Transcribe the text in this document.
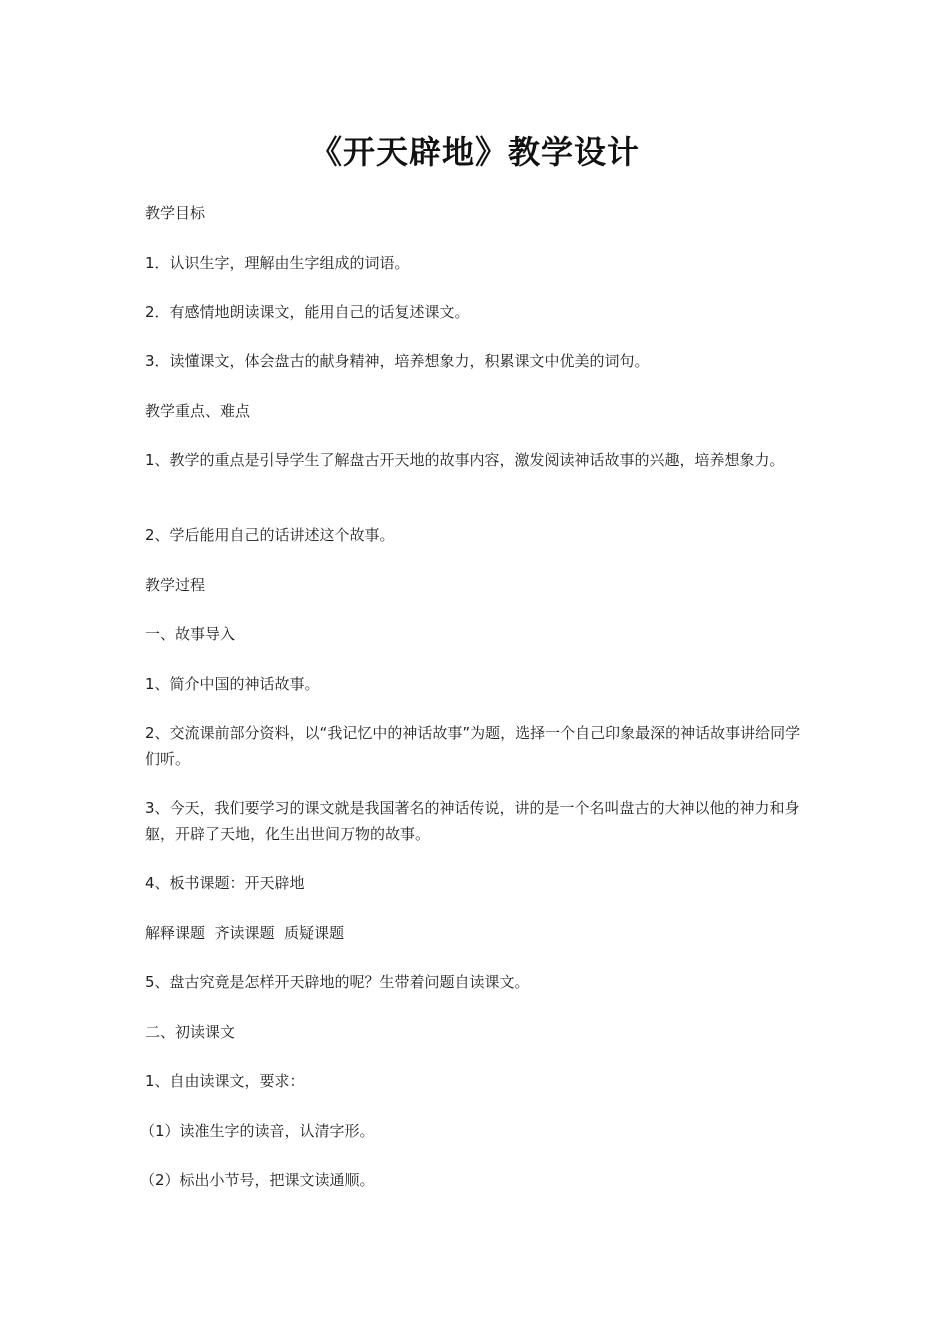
《开天辟地》教学设计
教学目标
1．认识生字，理解由生字组成的词语。
2．有感情地朗读课文，能用自己的话复述课文。
3．读懂课文，体会盘古的献身精神，培养想象力，积累课文中优美的词句。
教学重点、难点
1、教学的重点是引导学生了解盘古开天地的故事内容，激发阅读神话故事的兴趣，培养想象力。
2、学后能用自己的话讲述这个故事。
教学过程
一、故事导入
1、简介中国的神话故事。
2、交流课前部分资料，以“我记忆中的神话故事”为题，选择一个自己印象最深的神话故事讲给同学们听。
3、今天，我们要学习的课文就是我国著名的神话传说，讲的是一个名叫盘古的大神以他的神力和身躯，开辟了天地，化生出世间万物的故事。
4、板书课题：开天辟地
解释课题  齐读课题  质疑课题
5、盘古究竟是怎样开天辟地的呢？生带着问题自读课文。
二、初读课文
1、自由读课文，要求：
（1）读准生字的读音，认清字形。
（2）标出小节号，把课文读通顺。
